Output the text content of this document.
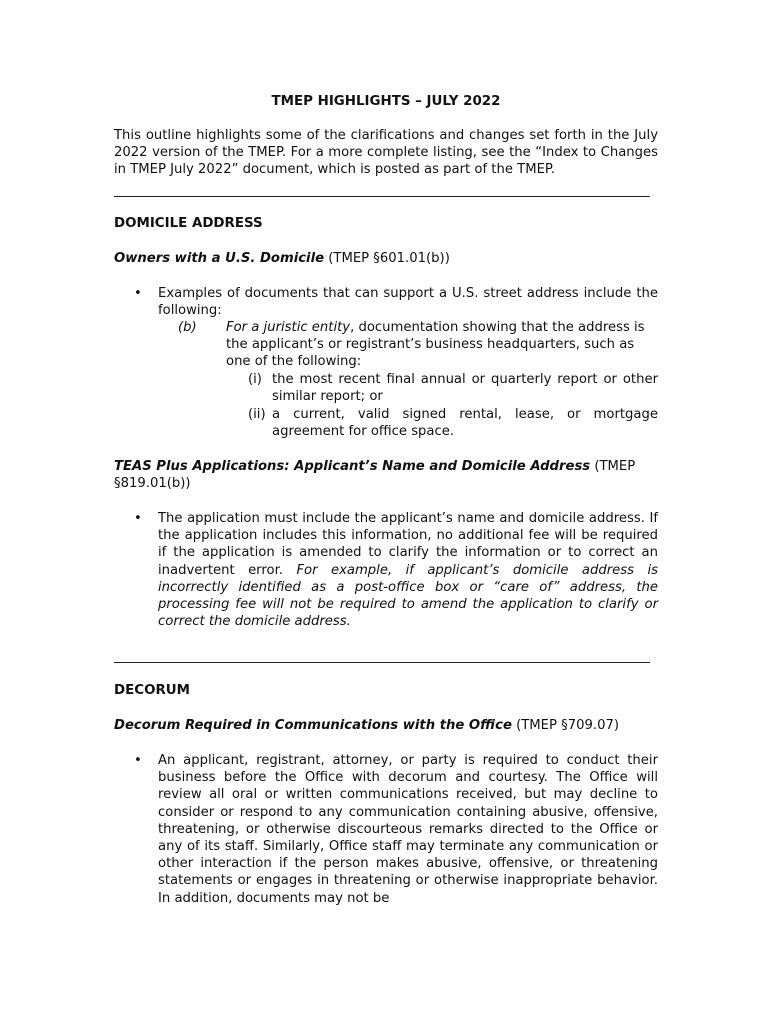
TMEP HIGHLIGHTS – JULY 2022
This outline highlights some of the clarifications and changes set forth in the July 2022 version of the TMEP. For a more complete listing, see the “Index to Changes in TMEP July 2022” document, which is posted as part of the TMEP.
DOMICILE ADDRESS
Owners with a U.S. Domicile (TMEP §601.01(b))
• Examples of documents that can support a U.S. street address include the following:
(b) For a juristic entity, documentation showing that the address is the applicant’s or registrant’s business headquarters, such as one of the following:
(i) the most recent final annual or quarterly report or other similar report; or
(ii) a current, valid signed rental, lease, or mortgage agreement for office space.
TEAS Plus Applications: Applicant’s Name and Domicile Address (TMEP §819.01(b))
• The application must include the applicant’s name and domicile address. If the application includes this information, no additional fee will be required if the application is amended to clarify the information or to correct an inadvertent error. For example, if applicant’s domicile address is incorrectly identified as a post-office box or “care of” address, the processing fee will not be required to amend the application to clarify or correct the domicile address.
DECORUM
Decorum Required in Communications with the Office (TMEP §709.07)
• An applicant, registrant, attorney, or party is required to conduct their business before the Office with decorum and courtesy. The Office will review all oral or written communications received, but may decline to consider or respond to any communication containing abusive, offensive, threatening, or otherwise discourteous remarks directed to the Office or any of its staff. Similarly, Office staff may terminate any communication or other interaction if the person makes abusive, offensive, or threatening statements or engages in threatening or otherwise inappropriate behavior. In addition, documents may not be
